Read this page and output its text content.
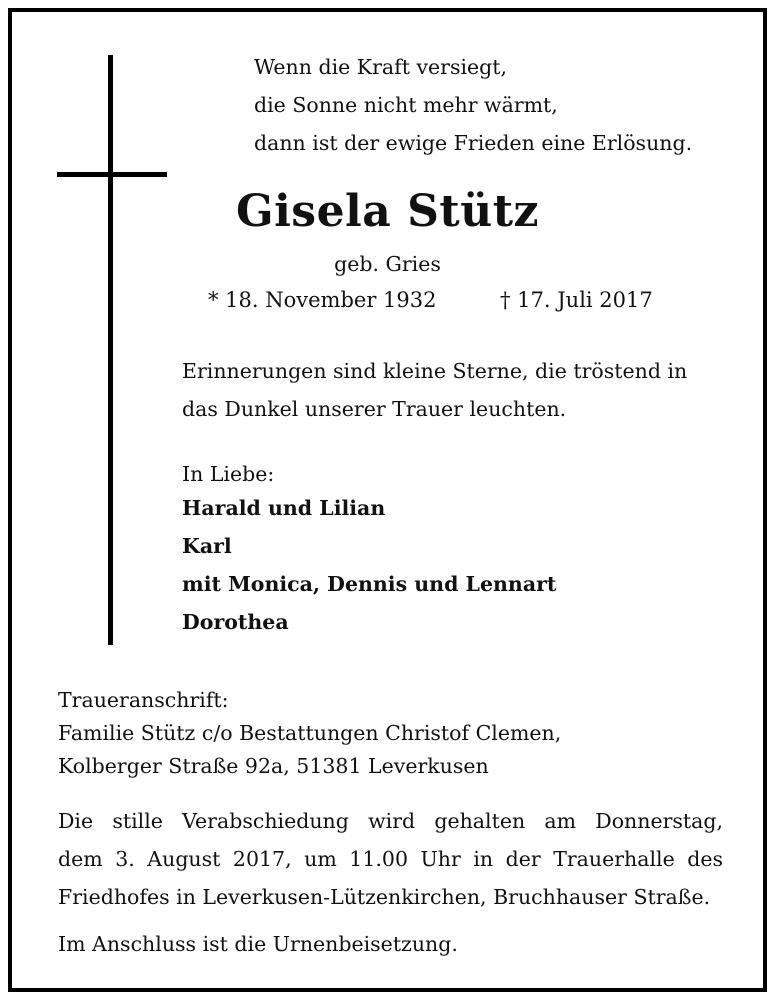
Wenn die Kraft versiegt,
die Sonne nicht mehr wärmt,
dann ist der ewige Frieden eine Erlösung.
Gisela Stütz
geb. Gries
* 18. November 1932	† 17. Juli 2017
Erinnerungen sind kleine Sterne, die tröstend in
das Dunkel unserer Trauer leuchten.
In Liebe:
Harald und Lilian
Karl
mit Monica, Dennis und Lennart
Dorothea
Traueranschrift:
Familie Stütz c/o Bestattungen Christof Clemen,
Kolberger Straße 92a, 51381 Leverkusen
Die stille Verabschiedung wird gehalten am Donnerstag,
dem 3. August 2017, um 11.00 Uhr in der Trauerhalle des
Friedhofes in Leverkusen-Lützenkirchen, Bruchhauser Straße.
Im Anschluss ist die Urnenbeisetzung.
